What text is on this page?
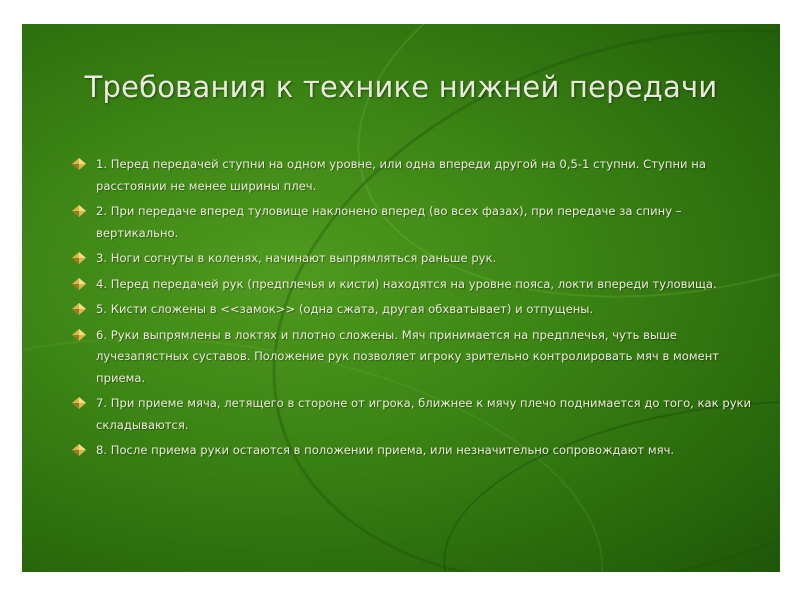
Требования к технике нижней передачи
1. Перед передачей ступни на одном уровне, или одна впереди другой на 0,5-1 ступни. Ступни на расстоянии не менее ширины плеч.
2. При передаче вперед туловище наклонено вперед (во всех фазах), при передаче за спину – вертикально.
3. Ноги согнуты в коленях, начинают выпрямляться раньше рук.
4. Перед передачей рук (предплечья и кисти) находятся на уровне пояса, локти впереди туловища.
5. Кисти сложены в <<замок>> (одна сжата, другая обхватывает) и отпущены.
6. Руки выпрямлены в локтях и плотно сложены. Мяч принимается на предплечья, чуть выше лучезапястных суставов. Положение рук позволяет игроку зрительно контролировать мяч в момент приема.
7. При приеме мяча, летящего в стороне от игрока, ближнее к мячу плечо поднимается до того, как руки складываются.
8. После приема руки остаются в положении приема, или незначительно сопровождают мяч.
